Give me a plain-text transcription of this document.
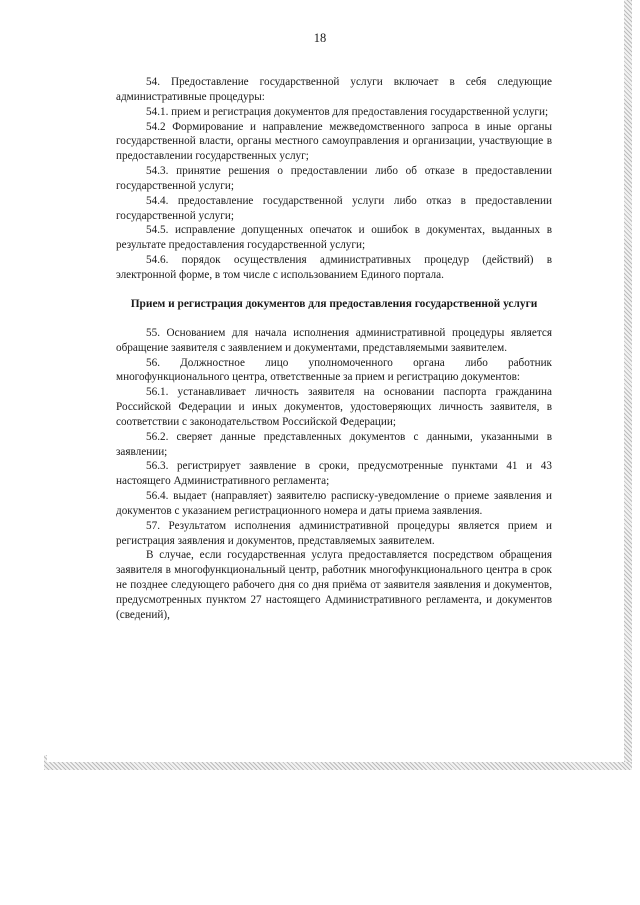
18

54. Предоставление государственной услуги включает в себя следующие административные процедуры:

54.1. прием и регистрация документов для предоставления государственной услуги;

54.2 Формирование и направление межведомственного запроса в иные органы государственной власти, органы местного самоуправления и организации, участвующие в предоставлении государственных услуг;

54.3. принятие решения о предоставлении либо об отказе в предоставлении государственной услуги;

54.4. предоставление государственной услуги либо отказ в предоставлении государственной услуги;

54.5. исправление допущенных опечаток и ошибок в документах, выданных в результате предоставления государственной услуги;

54.6. порядок осуществления административных процедур (действий) в электронной форме, в том числе с использованием Единого портала.

Прием и регистрация документов для предоставления государственной услуги

55. Основанием для начала исполнения административной процедуры является обращение заявителя с заявлением и документами, представляемыми заявителем.

56. Должностное лицо уполномоченного органа либо работник многофункционального центра, ответственные за прием и регистрацию документов:

56.1. устанавливает личность заявителя на основании паспорта гражданина Российской Федерации и иных документов, удостоверяющих личность заявителя, в соответствии с законодательством Российской Федерации;

56.2. сверяет данные представленных документов с данными, указанными в заявлении;

56.3. регистрирует заявление в сроки, предусмотренные пунктами 41 и 43 настоящего Административного регламента;

56.4. выдает (направляет) заявителю расписку-уведомление о приеме заявления и документов с указанием регистрационного номера и даты приема заявления.

57. Результатом исполнения административной процедуры является прием и регистрация заявления и документов, представляемых заявителем.

В случае, если государственная услуга предоставляется посредством обращения заявителя в многофункциональный центр, работник многофункционального центра в срок не позднее следующего рабочего дня со дня приёма от заявителя заявления и документов, предусмотренных пунктом 27 настоящего Административного регламента, и документов (сведений),
